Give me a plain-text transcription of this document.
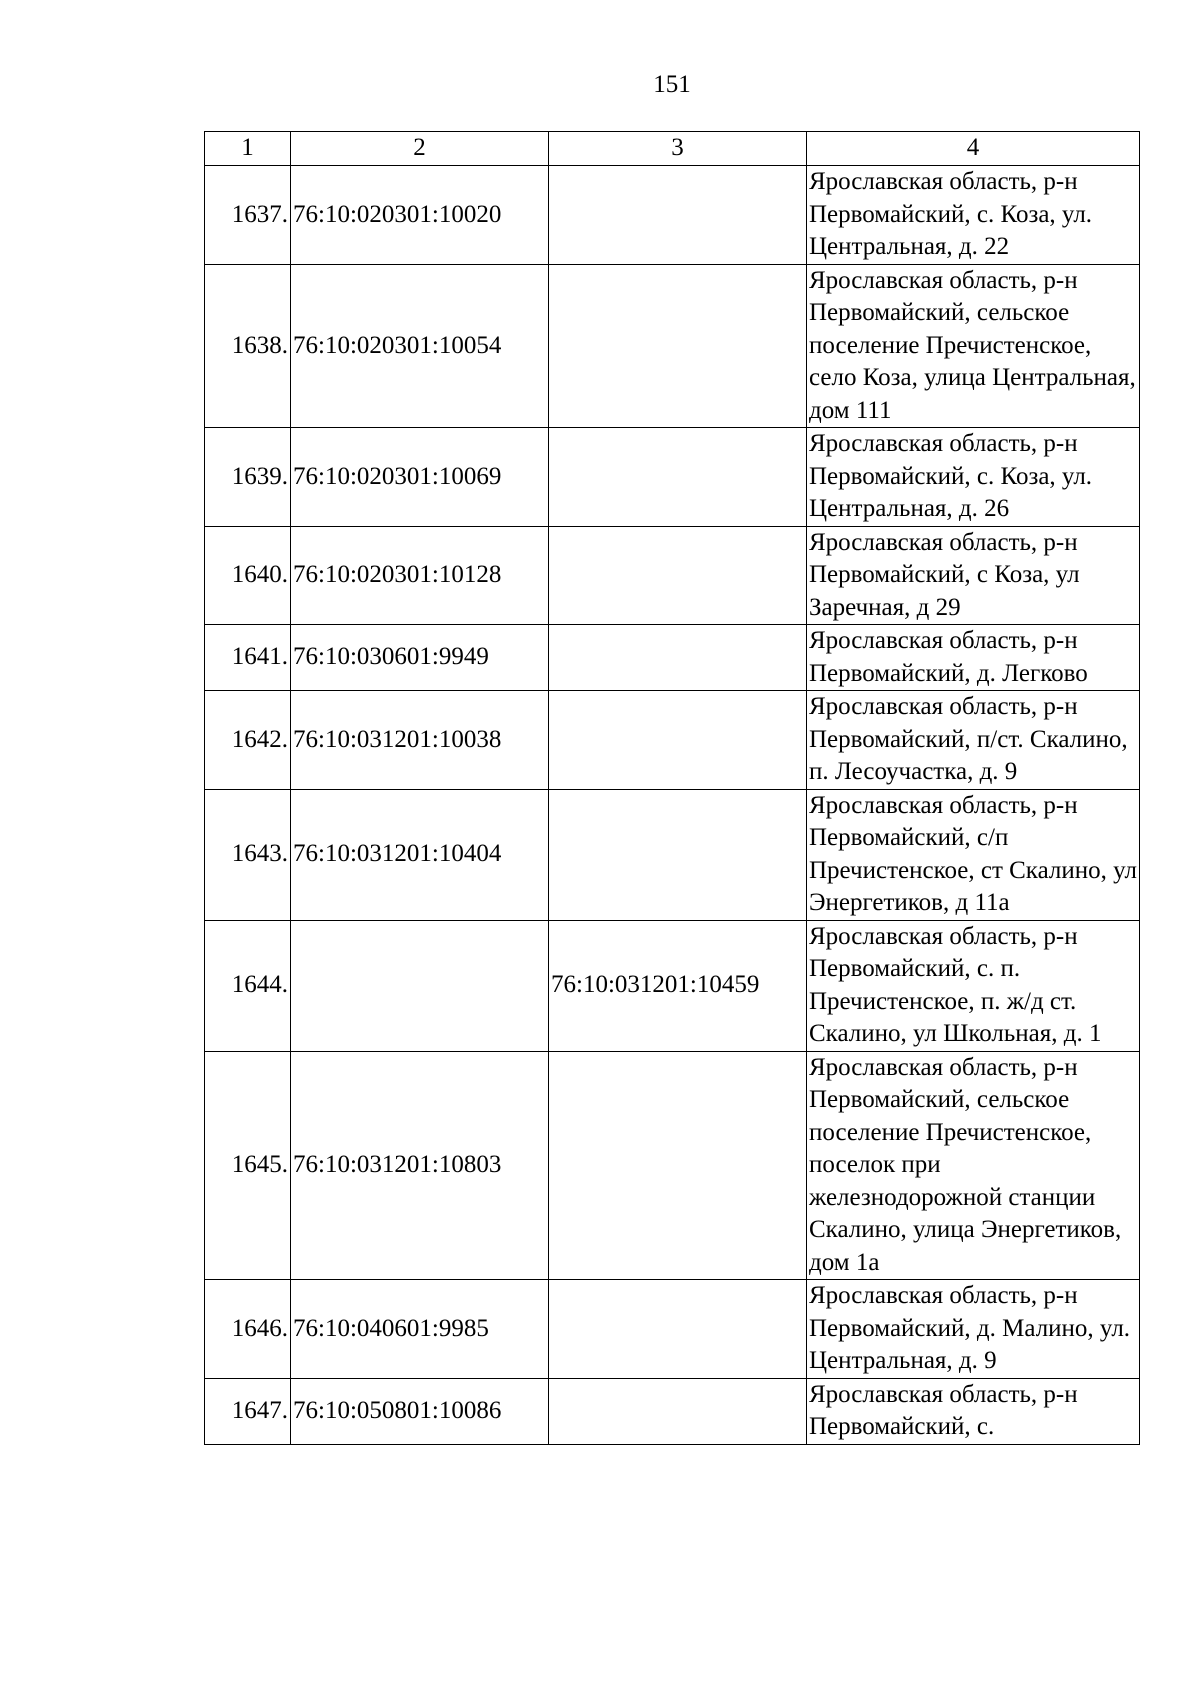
151
1	2	3	4
1637.	76:10:020301:10020		Ярославская область, р-н Первомайский, с. Коза, ул. Центральная, д. 22
1638.	76:10:020301:10054		Ярославская область, р-н Первомайский, сельское поселение Пречистенское, село Коза, улица Центральная, дом 111
1639.	76:10:020301:10069		Ярославская область, р-н Первомайский, с. Коза, ул. Центральная, д. 26
1640.	76:10:020301:10128		Ярославская область, р-н Первомайский, с Коза, ул Заречная, д 29
1641.	76:10:030601:9949		Ярославская область, р-н Первомайский, д. Легково
1642.	76:10:031201:10038		Ярославская область, р-н Первомайский, п/ст. Скалино, п. Лесоучастка, д. 9
1643.	76:10:031201:10404		Ярославская область, р-н Первомайский, с/п Пречистенское, ст Скалино, ул Энергетиков, д 11а
1644.		76:10:031201:10459	Ярославская область, р-н Первомайский, с. п. Пречистенское, п. ж/д ст. Скалино, ул Школьная, д. 1
1645.	76:10:031201:10803		Ярославская область, р-н Первомайский, сельское поселение Пречистенское, поселок при железнодорожной станции Скалино, улица Энергетиков, дом 1а
1646.	76:10:040601:9985		Ярославская область, р-н Первомайский, д. Малино, ул. Центральная, д. 9
1647.	76:10:050801:10086		Ярославская область, р-н Первомайский, с.
